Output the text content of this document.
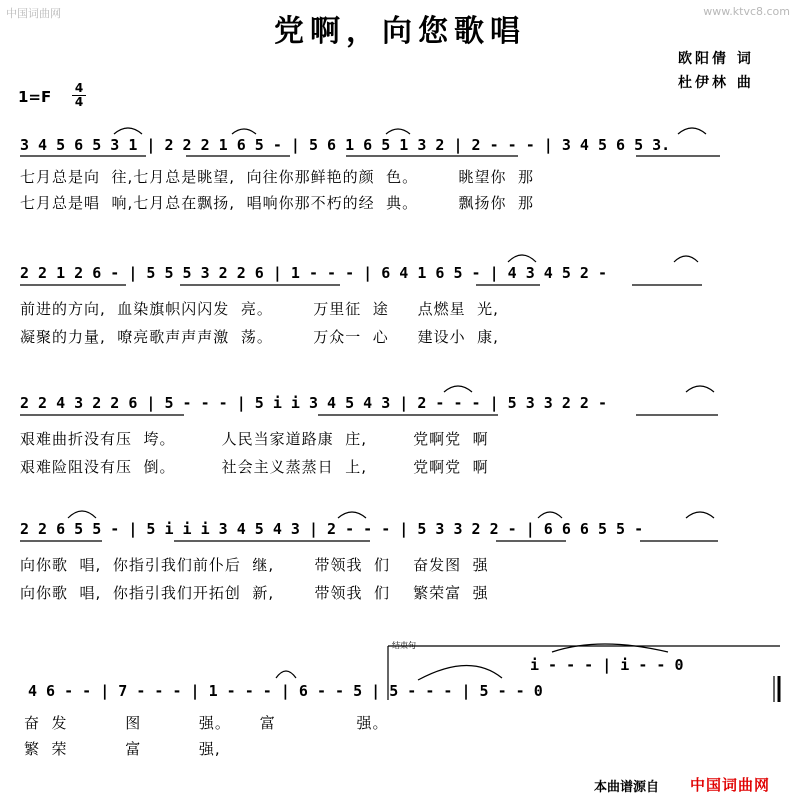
中国词曲网	www.ktvc8.com
党啊，向您歌唱
欧阳倩 词
杜伊林 曲
$1=F \frac{4}{4}$
3 4 5 6 5 3 1 | 2 2 2 1 6 5 - | 5 6 1 6 5 1 3 2 | 2 - - - | 3 4 5 6 5 3.
七月总是向  往,七月总是眺望,  向往你那鲜艳的颜  色。       眺望你  那
七月总是唱  响,七月总在飘扬,  唱响你那不朽的经  典。       飘扬你  那
2 2 1 2 6 - | 5 5 5 3 2 2 6 | 1 - - - | 6 4 1 6 5 - | 4 3 4 5 2 -
前进的方向,  血染旗帜闪闪发  亮。       万里征  途     点燃星  光,
凝聚的力量,  嘹亮歌声声声激  荡。       万众一  心     建设小  康,
2 2 4 3 2 2 6 | 5 - - - | 5 i i 3 4 5 4 3 | 2 - - - | 5 3 3 2 2 -
艰难曲折没有压  垮。        人民当家道路康  庄,        党啊党  啊
艰难险阻没有压  倒。        社会主义蒸蒸日  上,        党啊党  啊
2 2 6 5 5 - | 5 i i i 3 4 5 4 3 | 2 - - - | 5 3 3 2 2 - | 6 6 6 5 5 -
向你歌  唱,  你指引我们前仆后  继,       带领我  们    奋发图  强
向你歌  唱,  你指引我们开拓创  新,       带领我  们    繁荣富  强
结束句
i - - - | i - - 0
4 6 - - | 7 - - - | 1 - - - | 6 - - 5 | 5 - - - | 5 - - 0
奋  发          图          强。     富              强。
繁  荣          富          强,
本曲谱源自 中国词曲网
